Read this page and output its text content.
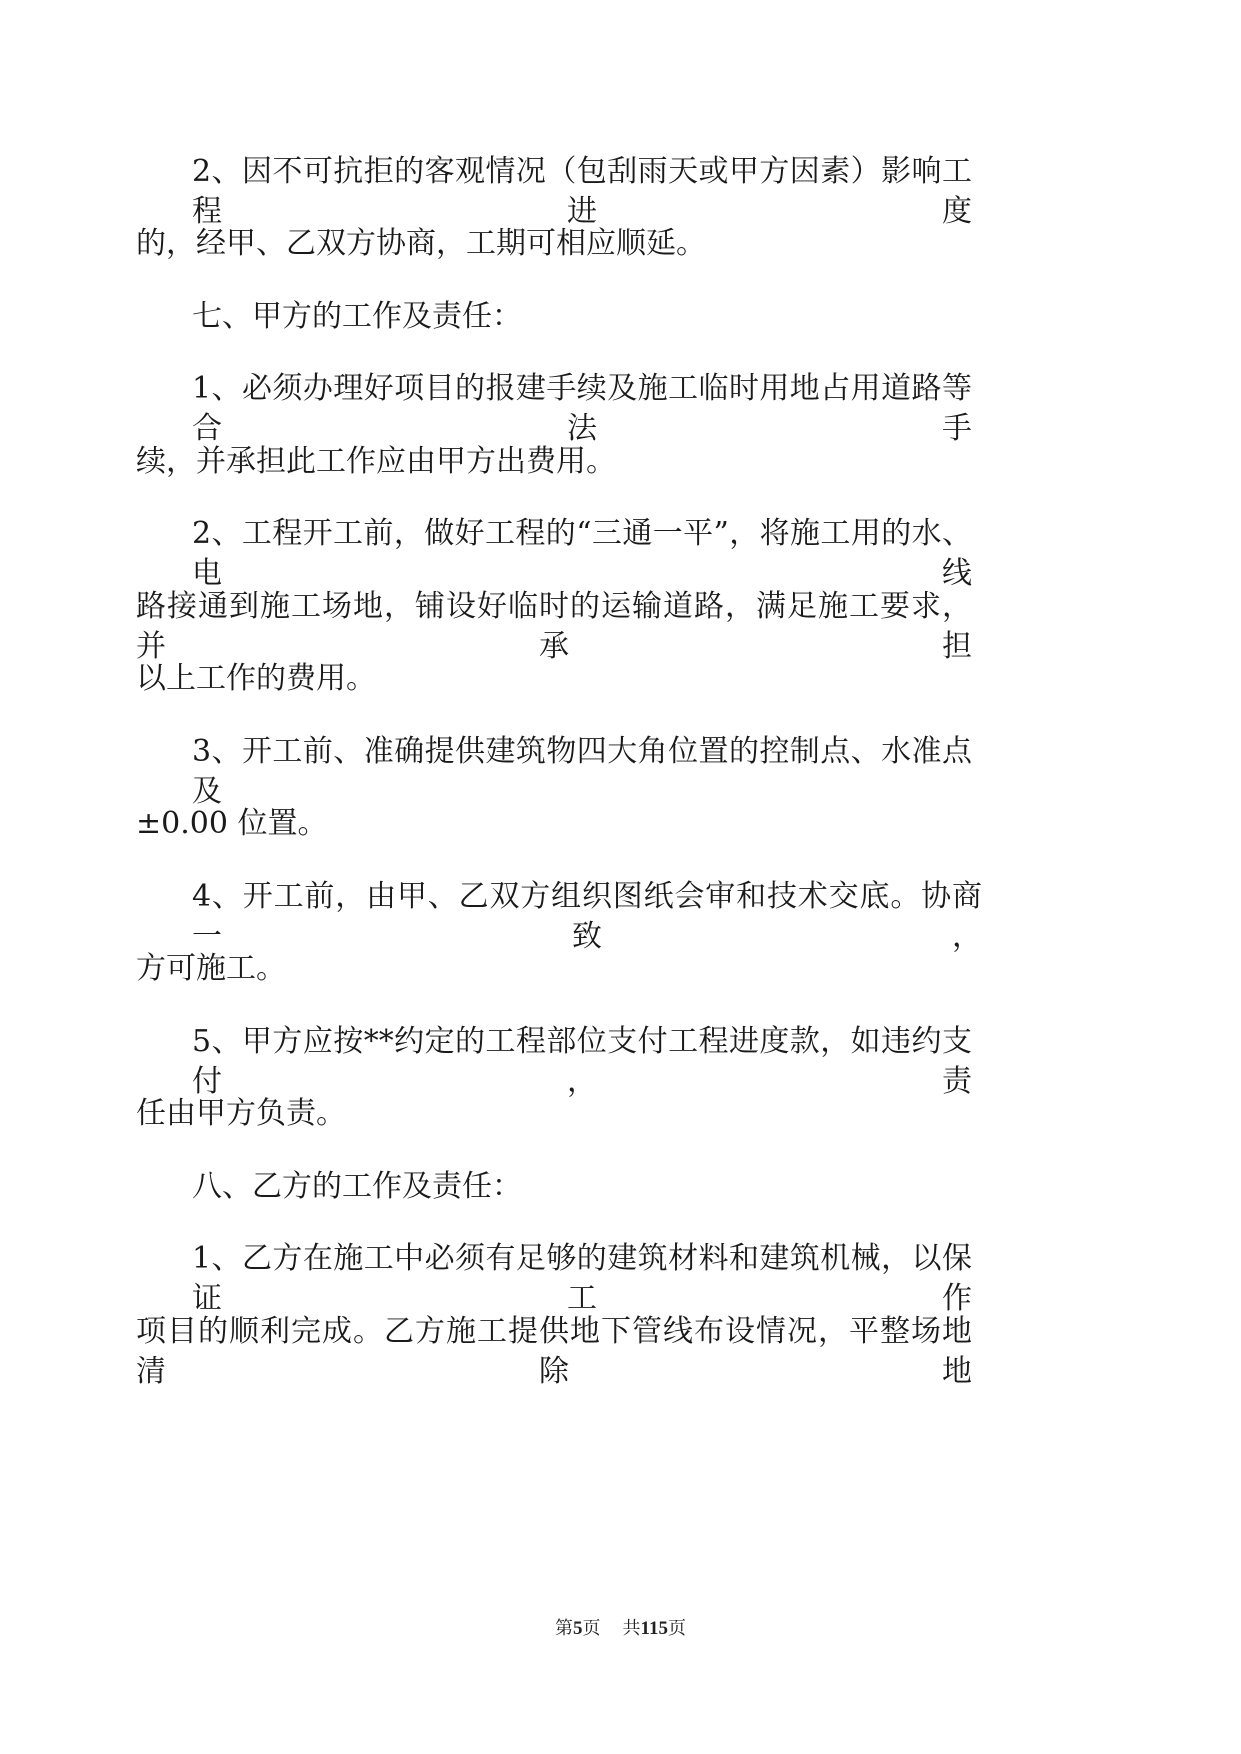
2、因不可抗拒的客观情况（包刮雨天或甲方因素）影响工程进度
的，经甲、乙双方协商，工期可相应顺延。
七、甲方的工作及责任：
1、必须办理好项目的报建手续及施工临时用地占用道路等合法手
续，并承担此工作应由甲方出费用。
2、工程开工前，做好工程的“三通一平”，将施工用的水、电线
路接通到施工场地，铺设好临时的运输道路，满足施工要求，并承担
以上工作的费用。
3、开工前、准确提供建筑物四大角位置的控制点、水准点及
±0.00 位置。
4、开工前，由甲、乙双方组织图纸会审和技术交底。协商一致，
方可施工。
5、甲方应按**约定的工程部位支付工程进度款，如违约支付，责
任由甲方负责。
八、乙方的工作及责任：
1、乙方在施工中必须有足够的建筑材料和建筑机械，以保证工作
项目的顺利完成。乙方施工提供地下管线布设情况，平整场地清除地
第5页 共115页
